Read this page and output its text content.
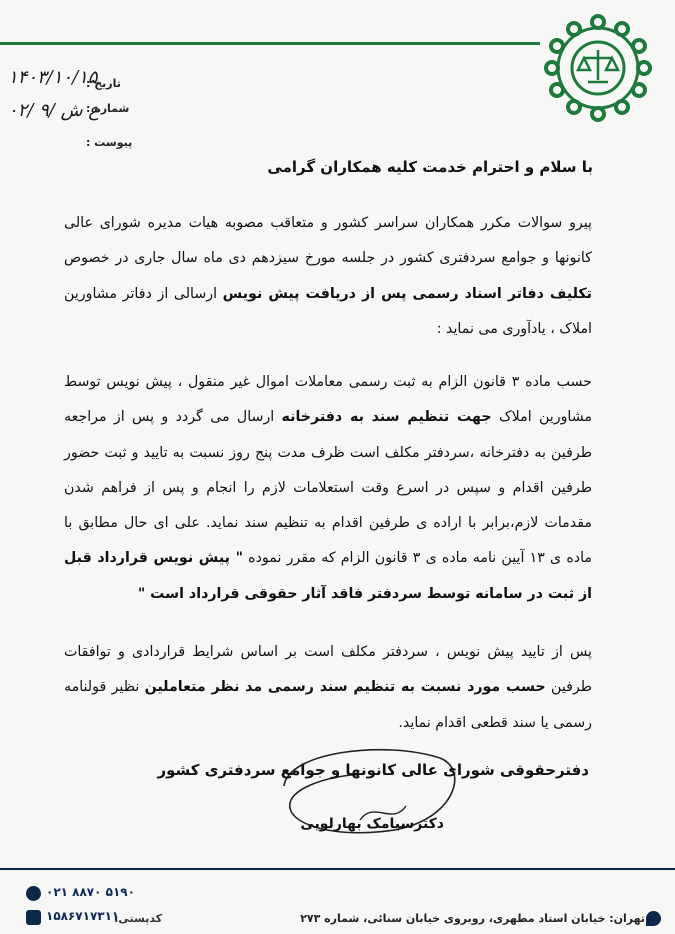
تاریخ :
شماره :
پیوست :
۱۴۰۳/۱۰/۱۵
۰۲/ ۹/ ع ش
با سلام و احترام خدمت کلیه همکاران گرامی

پیرو سوالات مکرر همکاران سراسر کشور و متعاقب مصوبه هیات مدیره شورای عالی کانونها و جوامع سردفتری کشور در جلسه مورخ سیزدهم دی ماه سال جاری در خصوص تکلیف دفاتر اسناد رسمی پس از دریافت پیش نویس ارسالی از دفاتر مشاورین املاک ، یادآوری می نماید :

حسب ماده ۳ قانون الزام به ثبت رسمی معاملات اموال غیر منقول ، پیش نویس توسط مشاورین املاک جهت تنظیم سند به دفترخانه ارسال می گردد و پس از مراجعه طرفین به دفترخانه ،سردفتر مکلف است ظرف مدت پنج روز نسبت به تایید و ثبت حضور طرفین اقدام و سپس در اسرع وقت استعلامات لازم را انجام و پس از فراهم شدن مقدمات لازم،برابر با اراده ی طرفین اقدام به تنظیم سند نماید. علی ای حال مطابق با ماده ی ۱۳ آیین نامه ماده ی ۳ قانون الزام که مقرر نموده " پیش نویس قرارداد قبل از ثبت در سامانه توسط سردفتر فاقد آثار حقوقی قرارداد است "

پس از تایید پیش نویس ، سردفتر مکلف است بر اساس شرایط قراردادی و توافقات طرفین حسب مورد نسبت به تنظیم سند رسمی مد نظر متعاملین نظیر قولنامه رسمی یا سند قطعی اقدام نماید.

دفترحقوقی شورای عالی کانونها و جوامع سردفتری کشور
دکترسیامک بهارلویی
۰۲۱ ۸۸۷۰ ۵۱۹۰
۱۵۸۶۷۱۷۳۱۱
کدپستی:	تهران: خیابان استاد مطهری، روبروی خیابان سنائی، شماره ۲۷۳
